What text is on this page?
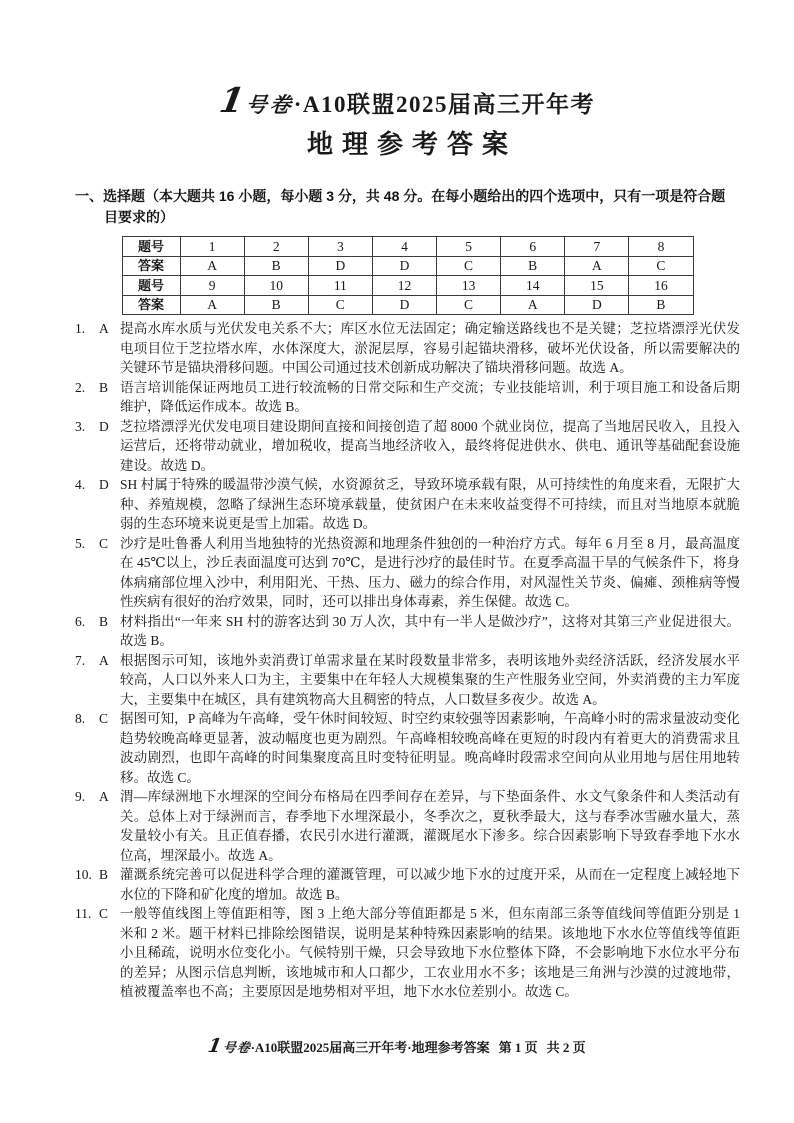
1
号卷
·A10联盟2025届高三开年考
地理参考答案
一、选择题（本大题共 16 小题，每小题 3 分，共 48 分。在每小题给出的四个选项中，只有一项是符合题
目要求的）
题号	1	2	3	4	5	6	7	8
答案	A	B	D	D	C	B	A	C
题号	9	10	11	12	13	14	15	16
答案	A	B	C	D	C	A	D	B
1.	A 提高水库水质与光伏发电关系不大；库区水位无法固定；确定输送路线也不是关键；芝拉塔漂浮光伏发电项目位于芝拉塔水库，水体深度大，淤泥层厚，容易引起锚块滑移，破坏光伏设备，所以需要解决的关键环节是锚块滑移问题。中国公司通过技术创新成功解决了锚块滑移问题。故选 A。
2.	B 语言培训能保证两地员工进行较流畅的日常交际和生产交流；专业技能培训，利于项目施工和设备后期维护，降低运作成本。故选 B。
3.	D 芝拉塔漂浮光伏发电项目建设期间直接和间接创造了超 8000 个就业岗位，提高了当地居民收入，且投入运营后，还将带动就业，增加税收，提高当地经济收入，最终将促进供水、供电、通讯等基础配套设施建设。故选 D。
4.	D SH 村属于特殊的暖温带沙漠气候，水资源贫乏，导致环境承载有限，从可持续性的角度来看，无限扩大种、养殖规模，忽略了绿洲生态环境承载量，使贫困户在未来收益变得不可持续，而且对当地原本就脆弱的生态环境来说更是雪上加霜。故选 D。
5.	C 沙疗是吐鲁番人利用当地独特的光热资源和地理条件独创的一种治疗方式。每年 6 月至 8 月，最高温度在 45℃以上，沙丘表面温度可达到 70℃，是进行沙疗的最佳时节。在夏季高温干旱的气候条件下，将身体病痛部位埋入沙中，利用阳光、干热、压力、磁力的综合作用，对风湿性关节炎、偏瘫、颈椎病等慢性疾病有很好的治疗效果，同时，还可以排出身体毒素，养生保健。故选 C。
6.	B 材料指出“一年来 SH 村的游客达到 30 万人次，其中有一半人是做沙疗”，这将对其第三产业促进很大。故选 B。
7.	A 根据图示可知，该地外卖消费订单需求量在某时段数量非常多，表明该地外卖经济活跃，经济发展水平较高，人口以外来人口为主，主要集中在年轻人大规模集聚的生产性服务业空间，外卖消费的主力军庞大，主要集中在城区，具有建筑物高大且稠密的特点，人口数昼多夜少。故选 A。
8.	C 据图可知，P 高峰为午高峰，受午休时间较短、时空约束较强等因素影响，午高峰小时的需求量波动变化趋势较晚高峰更显著，波动幅度也更为剧烈。午高峰相较晚高峰在更短的时段内有着更大的消费需求且波动剧烈，也即午高峰的时间集聚度高且时变特征明显。晚高峰时段需求空间向从业用地与居住用地转移。故选 C。
9.	A 渭—库绿洲地下水埋深的空间分布格局在四季间存在差异，与下垫面条件、水文气象条件和人类活动有关。总体上对于绿洲而言，春季地下水埋深最小，冬季次之，夏秋季最大，这与春季冰雪融水量大，蒸发量较小有关。且正值春播，农民引水进行灌溉，灌溉尾水下渗多。综合因素影响下导致春季地下水水位高，埋深最小。故选 A。
10. B 灌溉系统完善可以促进科学合理的灌溉管理，可以减少地下水的过度开采，从而在一定程度上减轻地下水位的下降和矿化度的增加。故选 B。
11. C 一般等值线图上等值距相等，图 3 上绝大部分等值距都是 5 米，但东南部三条等值线间等值距分别是 1 米和 2 米。题干材料已排除绘图错误，说明是某种特殊因素影响的结果。该地地下水水位等值线等值距小且稀疏，说明水位变化小。气候特别干燥，只会导致地下水位整体下降，不会影响地下水位水平分布的差异；从图示信息判断，该地城市和人口都少，工农业用水不多；该地是三角洲与沙漠的过渡地带，植被覆盖率也不高；主要原因是地势相对平坦，地下水水位差别小。故选 C。
1
号卷 ·A10联盟2025届高三开年考·地理参考答案 第 1 页 共 2 页
